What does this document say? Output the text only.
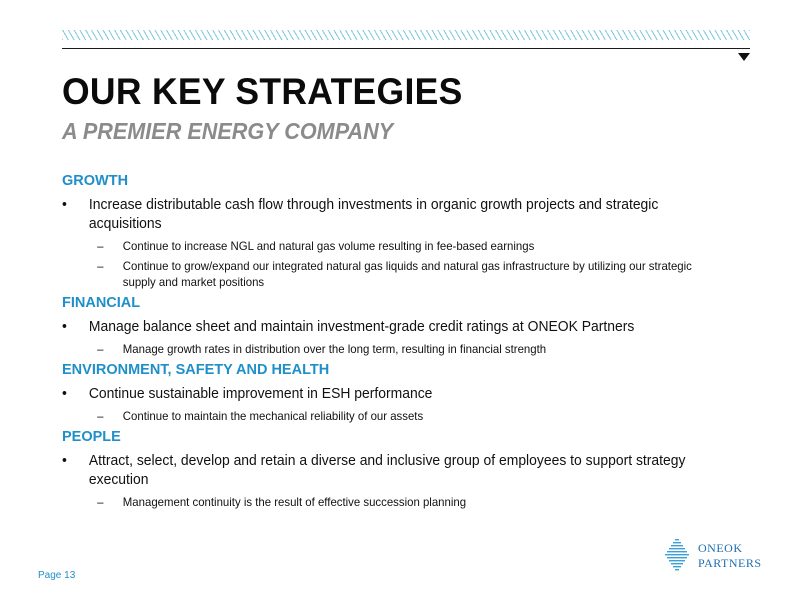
OUR KEY STRATEGIES
A PREMIER ENERGY COMPANY
GROWTH
• Increase distributable cash flow through investments in organic growth projects and strategic acquisitions
– Continue to increase NGL and natural gas volume resulting in fee-based earnings
– Continue to grow/expand our integrated natural gas liquids and natural gas infrastructure by utilizing our strategic supply and market positions
FINANCIAL
• Manage balance sheet and maintain investment-grade credit ratings at ONEOK Partners
– Manage growth rates in distribution over the long term, resulting in financial strength
ENVIRONMENT, SAFETY AND HEALTH
• Continue sustainable improvement in ESH performance
– Continue to maintain the mechanical reliability of our assets
PEOPLE
• Attract, select, develop and retain a diverse and inclusive group of employees to support strategy execution
– Management continuity is the result of effective succession planning
Page 13
ONEOK
PARTNERS
